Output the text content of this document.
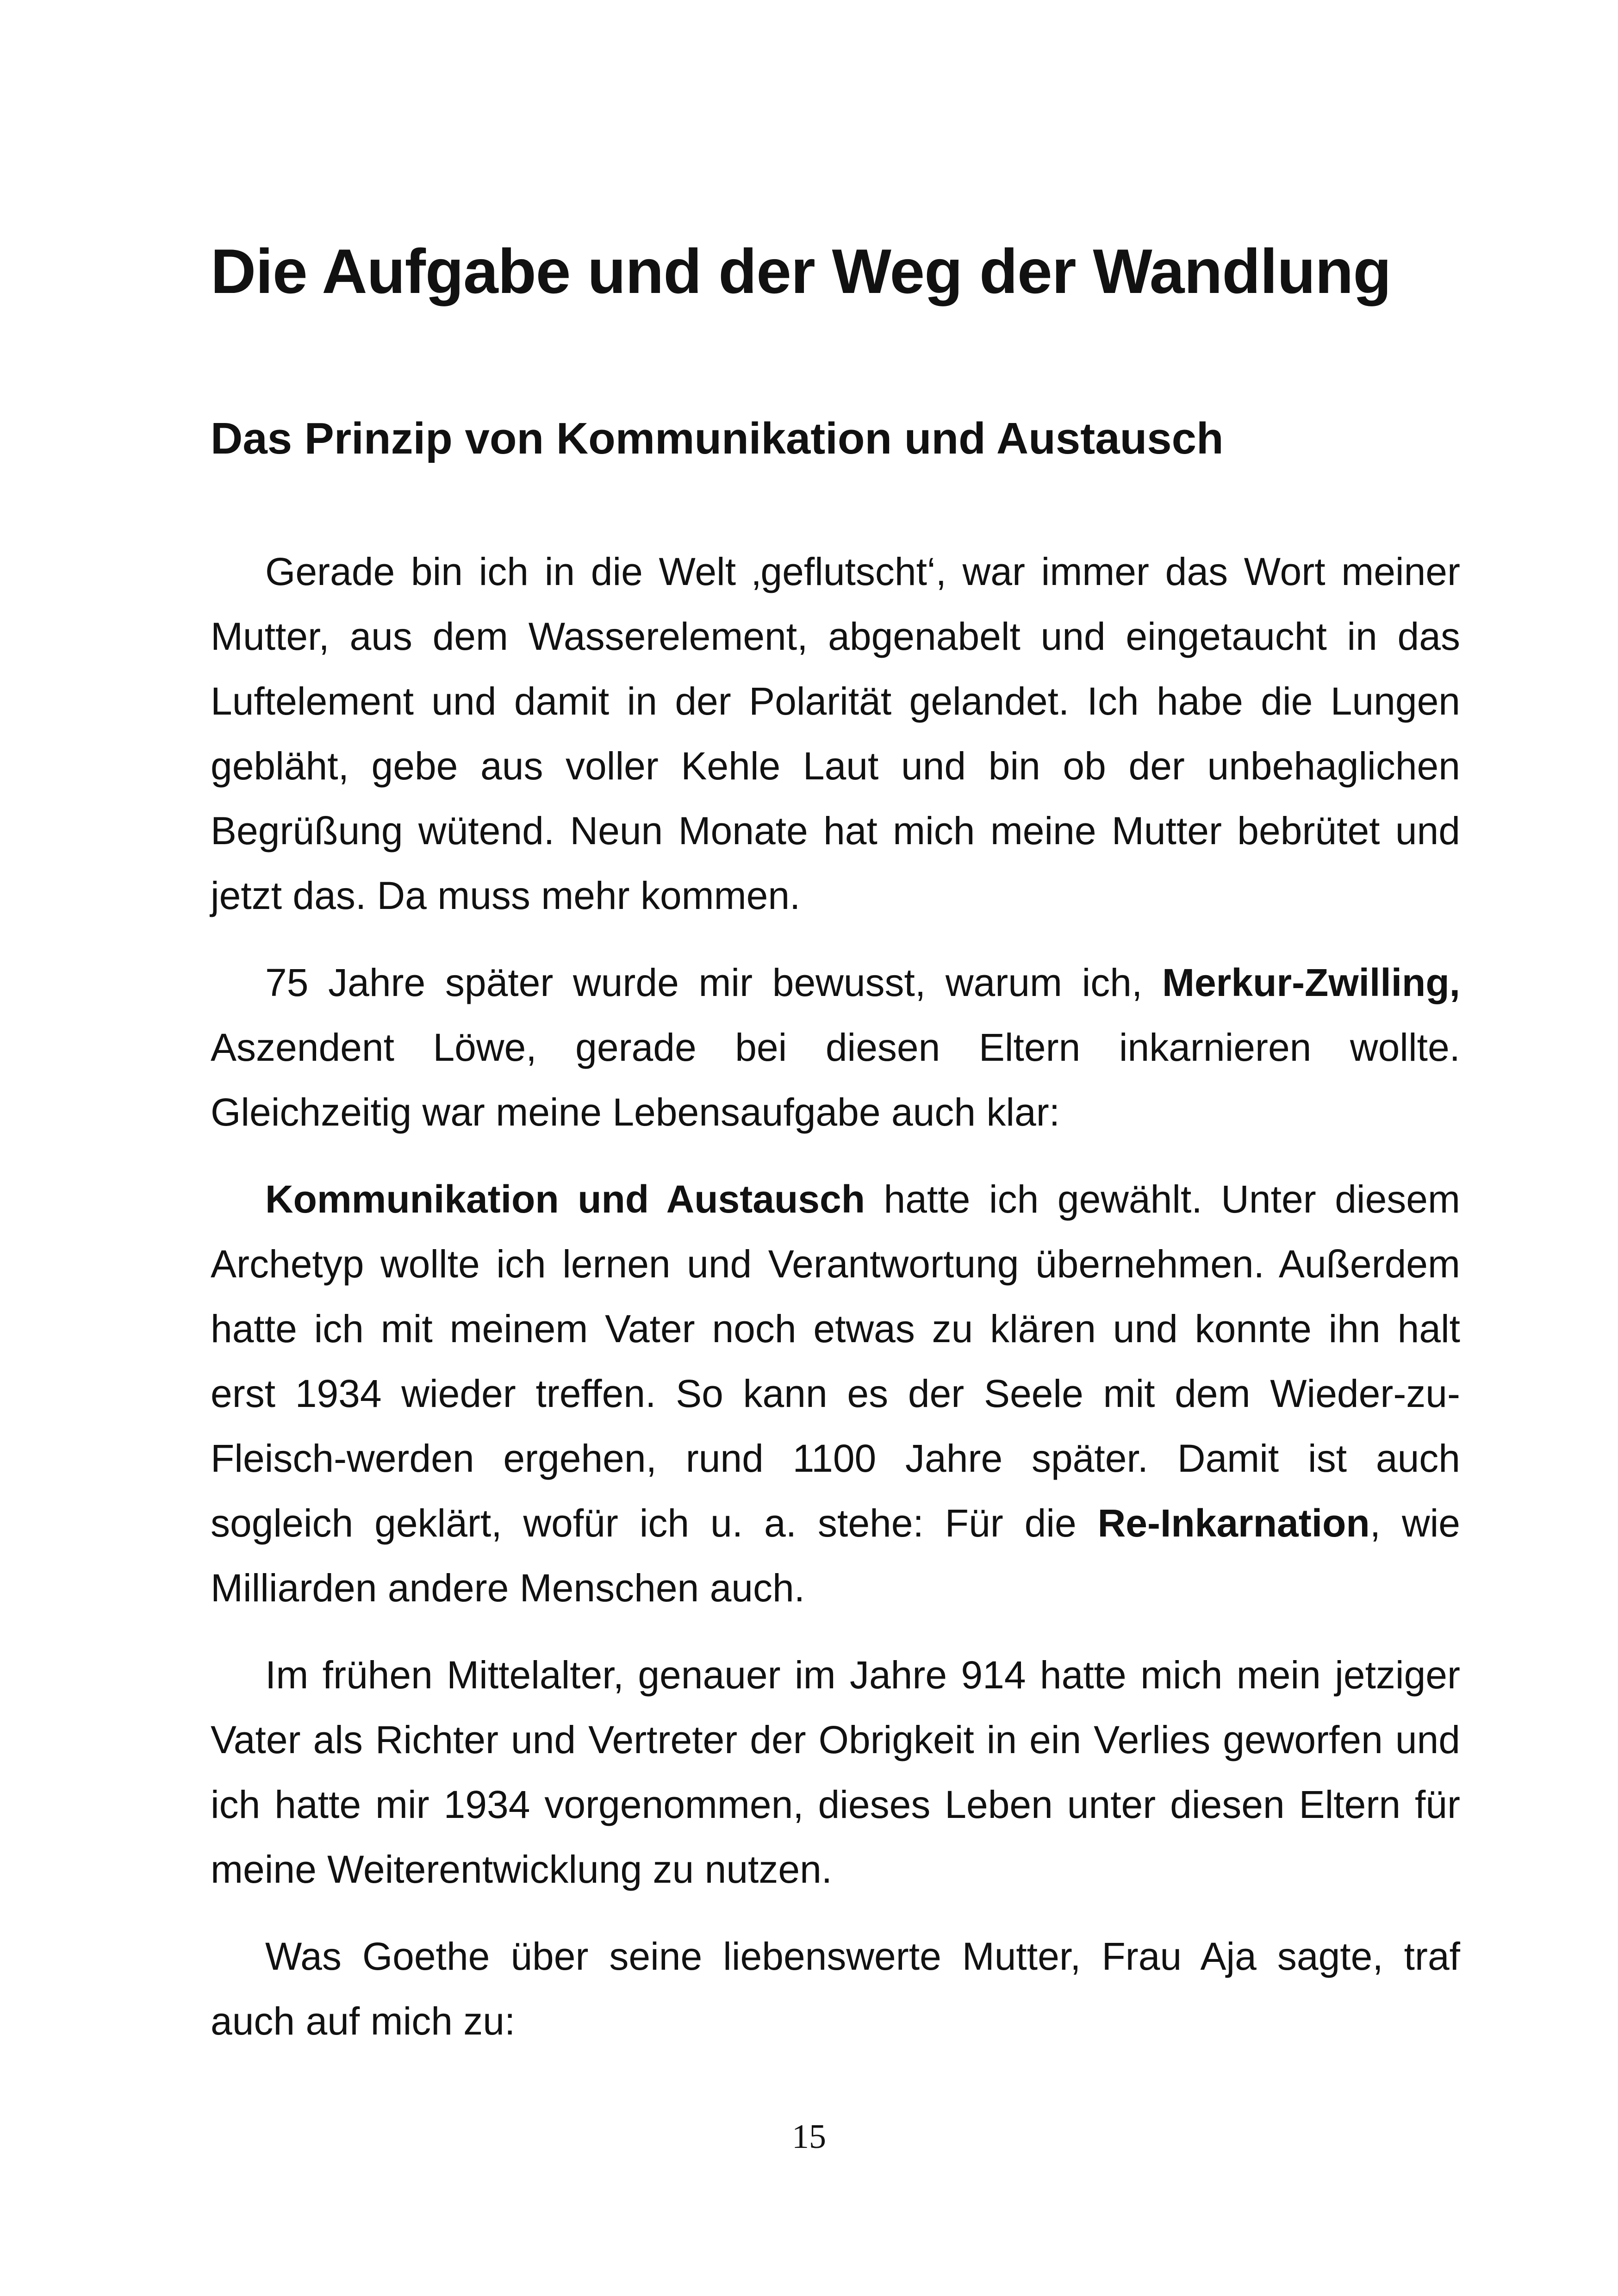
Die Aufgabe und der Weg der Wandlung
Das Prinzip von Kommunikation und Austausch

Gerade bin ich in die Welt ‚geflutscht‘, war immer das Wort meiner Mutter, aus dem Wasserelement, abgenabelt und eingetaucht in das Luftelement und damit in der Polarität gelandet. Ich habe die Lungen gebläht, gebe aus voller Kehle Laut und bin ob der unbehaglichen Begrüßung wütend. Neun Monate hat mich meine Mutter bebrütet und jetzt das. Da muss mehr kommen.

75 Jahre später wurde mir bewusst, warum ich, Merkur-Zwilling, Aszendent Löwe, gerade bei diesen Eltern inkarnieren wollte. Gleichzeitig war meine Lebensaufgabe auch klar:

Kommunikation und Austausch hatte ich gewählt. Unter diesem Archetyp wollte ich lernen und Verantwortung übernehmen. Außerdem hatte ich mit meinem Vater noch etwas zu klären und konnte ihn halt erst 1934 wieder treffen. So kann es der Seele mit dem Wieder-zu-Fleisch-werden ergehen, rund 1100 Jahre später. Damit ist auch sogleich geklärt, wofür ich u. a. stehe: Für die Re-Inkarnation, wie Milliarden andere Menschen auch.

Im frühen Mittelalter, genauer im Jahre 914 hatte mich mein jetziger Vater als Richter und Vertreter der Obrigkeit in ein Verlies geworfen und ich hatte mir 1934 vorgenommen, dieses Leben unter diesen Eltern für meine Weiterentwicklung zu nutzen.

Was Goethe über seine liebenswerte Mutter, Frau Aja sagte, traf auch auf mich zu:

15
